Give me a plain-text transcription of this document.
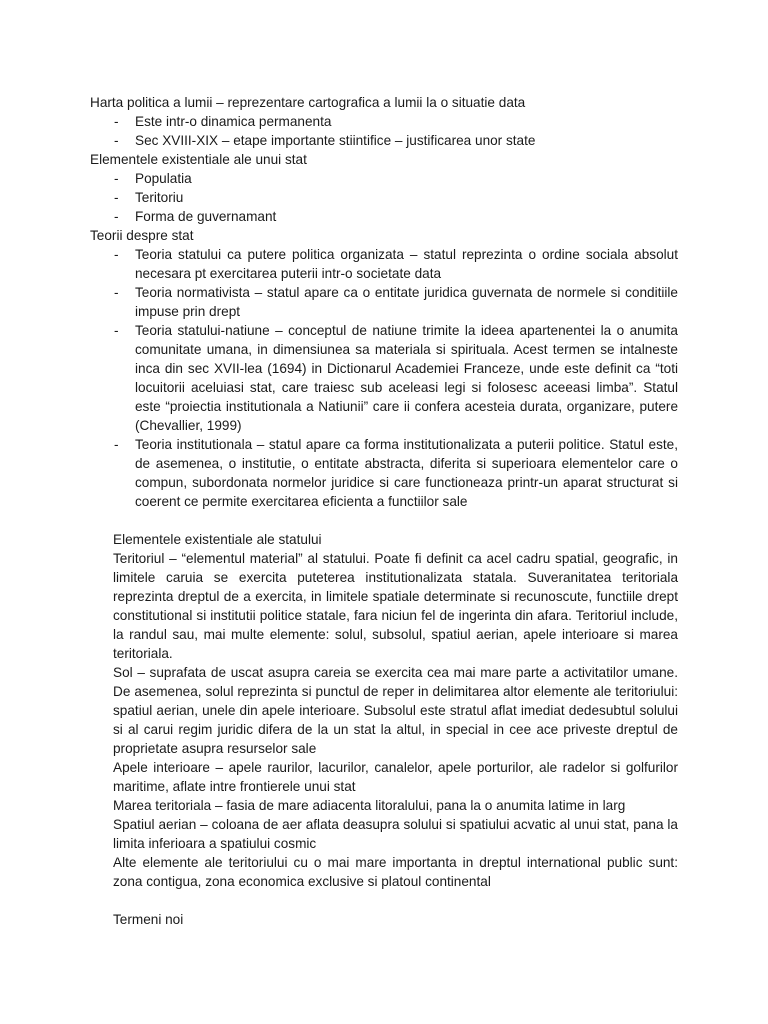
Harta politica a lumii – reprezentare cartografica a lumii la o situatie data
- Este intr-o dinamica permanenta
- Sec XVIII-XIX – etape importante stiintifice – justificarea unor state
Elementele existentiale ale unui stat
- Populatia
- Teritoriu
- Forma de guvernamant
Teorii despre stat
- Teoria statului ca putere politica organizata – statul reprezinta o ordine sociala absolut necesara pt exercitarea puterii intr-o societate data
- Teoria normativista – statul apare ca o entitate juridica guvernata de normele si conditiile impuse prin drept
- Teoria statului-natiune – conceptul de natiune trimite la ideea apartenentei la o anumita comunitate umana, in dimensiunea sa materiala si spirituala. Acest termen se intalneste inca din sec XVII-lea (1694) in Dictionarul Academiei Franceze, unde este definit ca “toti locuitorii aceluiasi stat, care traiesc sub aceleasi legi si folosesc aceeasi limba”. Statul este “proiectia institutionala a Natiunii” care ii confera acesteia durata, organizare, putere (Chevallier, 1999)
- Teoria institutionala – statul apare ca forma institutionalizata a puterii politice. Statul este, de asemenea, o institutie, o entitate abstracta, diferita si superioara elementelor care o compun, subordonata normelor juridice si care functioneaza printr-un aparat structurat si coerent ce permite exercitarea eficienta a functiilor sale
Elementele existentiale ale statului
Teritoriul – “elementul material” al statului. Poate fi definit ca acel cadru spatial, geografic, in limitele caruia se exercita puteterea institutionalizata statala. Suveranitatea teritoriala reprezinta dreptul de a exercita, in limitele spatiale determinate si recunoscute, functiile drept constitutional si institutii politice statale, fara niciun fel de ingerinta din afara. Teritoriul include, la randul sau, mai multe elemente: solul, subsolul, spatiul aerian, apele interioare si marea teritoriala.
Sol – suprafata de uscat asupra careia se exercita cea mai mare parte a activitatilor umane. De asemenea, solul reprezinta si punctul de reper in delimitarea altor elemente ale teritoriului: spatiul aerian, unele din apele interioare. Subsolul este stratul aflat imediat dedesubtul solului si al carui regim juridic difera de la un stat la altul, in special in cee ace priveste dreptul de proprietate asupra resurselor sale
Apele interioare – apele raurilor, lacurilor, canalelor, apele porturilor, ale radelor si golfurilor maritime, aflate intre frontierele unui stat
Marea teritoriala – fasia de mare adiacenta litoralului, pana la o anumita latime in larg
Spatiul aerian – coloana de aer aflata deasupra solului si spatiului acvatic al unui stat, pana la limita inferioara a spatiului cosmic
Alte elemente ale teritoriului cu o mai mare importanta in dreptul international public sunt: zona contigua, zona economica exclusive si platoul continental
Termeni noi
